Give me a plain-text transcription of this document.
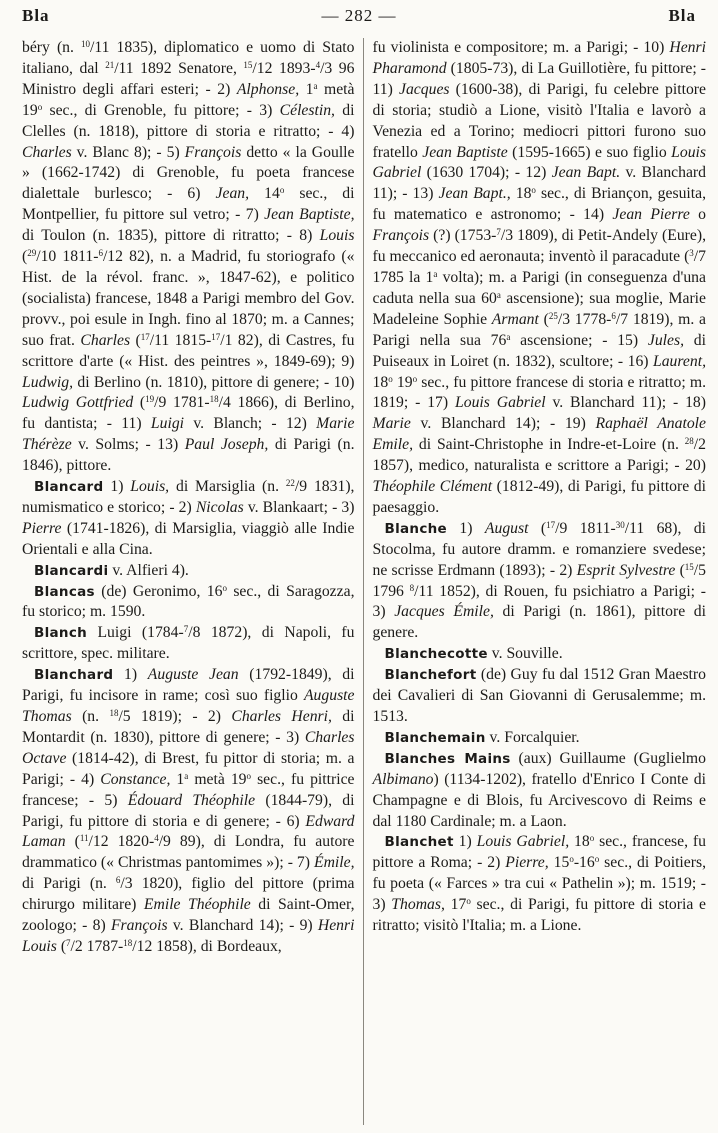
Bla	— 282 —	Bla

béry (n. $^{10}$/11 1835), diplomatico e uomo di Stato italiano, dal $^{21}$/11 1892 Senatore, $^{15}$/12 1893-$^4$/3 96 Ministro degli affari esteri; - 2) Alphonse, 1$^a$ metà 19$^o$ sec., di Grenoble, fu pittore; - 3) Célestin, di Clelles (n. 1818), pittore di storia e ritratto; - 4) Charles v. Blanc 8); - 5) François detto « la Goulle » (1662-1742) di Grenoble, fu poeta francese dialettale burlesco; - 6) Jean, 14$^o$ sec., di Montpellier, fu pittore sul vetro; - 7) Jean Baptiste, di Toulon (n. 1835), pittore di ritratto; - 8) Louis ($^{29}$/10 1811-$^6$/12 82), n. a Madrid, fu storiografo (« Hist. de la révol. franc. », 1847-62), e politico (socialista) francese, 1848 a Parigi membro del Gov. provv., poi esule in Ingh. fino al 1870; m. a Cannes; suo frat. Charles ($^{17}$/11 1815-$^{17}$/1 82), di Castres, fu scrittore d'arte (« Hist. des peintres », 1849-69); 9) Ludwig, di Berlino (n. 1810), pittore di genere; - 10) Ludwig Gottfried ($^{19}$/9 1781-$^{18}$/4 1866), di Berlino, fu dantista; - 11) Luigi v. Blanch; - 12) Marie Thérèze v. Solms; - 13) Paul Joseph, di Parigi (n. 1846), pittore.

Blancard 1) Louis, di Marsiglia (n. $^{22}$/9 1831), numismatico e storico; - 2) Nicolas v. Blankaart; - 3) Pierre (1741-1826), di Marsiglia, viaggiò alle Indie Orientali e alla Cina.

Blancardi v. Alfieri 4).

Blancas (de) Geronimo, 16$^o$ sec., di Saragozza, fu storico; m. 1590.

Blanch Luigi (1784-$^7$/8 1872), di Napoli, fu scrittore, spec. militare.

Blanchard 1) Auguste Jean (1792-1849), di Parigi, fu incisore in rame; così suo figlio Auguste Thomas (n. $^{18}$/5 1819); - 2) Charles Henri, di Montardit (n. 1830), pittore di genere; - 3) Charles Octave (1814-42), di Brest, fu pittor di storia; m. a Parigi; - 4) Constance, 1$^a$ metà 19$^o$ sec., fu pittrice francese; - 5) Édouard Théophile (1844-79), di Parigi, fu pittore di storia e di genere; - 6) Edward Laman ($^{11}$/12 1820-$^4$/9 89), di Londra, fu autore drammatico (« Christmas pantomimes »); - 7) Émile, di Parigi (n. $^6$/3 1820), figlio del pittore (prima chirurgo militare) Emile Théophile di Saint-Omer, zoologo; - 8) François v. Blanchard 14); - 9) Henri Louis ($^7$/2 1787-$^{18}$/12 1858), di Bordeaux,

fu violinista e compositore; m. a Parigi; - 10) Henri Pharamond (1805-73), di La Guillotière, fu pittore; - 11) Jacques (1600-38), di Parigi, fu celebre pittore di storia; studiò a Lione, visitò l'Italia e lavorò a Venezia ed a Torino; mediocri pittori furono suo fratello Jean Baptiste (1595-1665) e suo figlio Louis Gabriel (1630 1704); - 12) Jean Bapt. v. Blanchard 11); - 13) Jean Bapt., 18$^o$ sec., di Briançon, gesuita, fu matematico e astronomo; - 14) Jean Pierre o François (?) (1753-$^7$/3 1809), di Petit-Andely (Eure), fu meccanico ed aeronauta; inventò il paracadute ($^3$/7 1785 la 1$^a$ volta); m. a Parigi (in conseguenza d'una caduta nella sua 60$^a$ ascensione); sua moglie, Marie Madeleine Sophie Armant ($^{25}$/3 1778-$^6$/7 1819), m. a Parigi nella sua 76$^a$ ascensione; - 15) Jules, di Puiseaux in Loiret (n. 1832), scultore; - 16) Laurent, 18$^o$ 19$^o$ sec., fu pittore francese di storia e ritratto; m. 1819; - 17) Louis Gabriel v. Blanchard 11); - 18) Marie v. Blanchard 14); - 19) Raphaël Anatole Emile, di Saint-Christophe in Indre-et-Loire (n. $^{28}$/2 1857), medico, naturalista e scrittore a Parigi; - 20) Théophile Clément (1812-49), di Parigi, fu pittore di paesaggio.

Blanche 1) August ($^{17}$/9 1811-$^{30}$/11 68), di Stocolma, fu autore dramm. e romanziere svedese; ne scrisse Erdmann (1893); - 2) Esprit Sylvestre ($^{15}$/5 1796 $^8$/11 1852), di Rouen, fu psichiatro a Parigi; - 3) Jacques Émile, di Parigi (n. 1861), pittore di genere.

Blanchecotte v. Souville.

Blanchefort (de) Guy fu dal 1512 Gran Maestro dei Cavalieri di San Giovanni di Gerusalemme; m. 1513.

Blanchemain v. Forcalquier.

Blanches Mains (aux) Guillaume (Guglielmo Albimano) (1134-1202), fratello d'Enrico I Conte di Champagne e di Blois, fu Arcivescovo di Reims e dal 1180 Cardinale; m. a Laon.

Blanchet 1) Louis Gabriel, 18$^o$ sec., francese, fu pittore a Roma; - 2) Pierre, 15$^o$-16$^o$ sec., di Poitiers, fu poeta (« Farces » tra cui « Pathelin »); m. 1519; - 3) Thomas, 17$^o$ sec., di Parigi, fu pittore di storia e ritratto; visitò l'Italia; m. a Lione.
